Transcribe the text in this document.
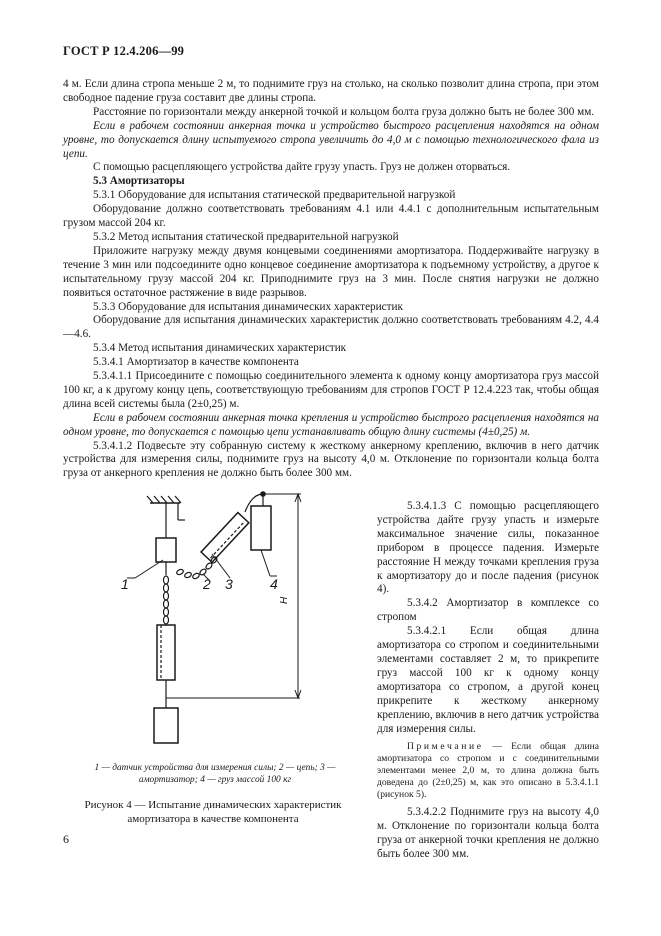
ГОСТ Р 12.4.206—99

4 м. Если длина стропа меньше 2 м, то поднимите груз на столько, на сколько позволит длина стропа, при этом свободное падение груза составит две длины стропа.

Расстояние по горизонтали между анкерной точкой и кольцом болта груза должно быть не более 300 мм.

Если в рабочем состоянии анкерная точка и устройство быстрого расцепления находятся на одном уровне, то допускается длину испытуемого стропа увеличить до 4,0 м с помощью технологического фала из цепи.

С помощью расцепляющего устройства дайте грузу упасть. Груз не должен оторваться.

5.3 Амортизаторы

5.3.1 Оборудование для испытания статической предварительной нагрузкой

Оборудование должно соответствовать требованиям 4.1 или 4.4.1 с дополнительным испытательным грузом массой 204 кг.

5.3.2 Метод испытания статической предварительной нагрузкой

Приложите нагрузку между двумя концевыми соединениями амортизатора. Поддерживайте нагрузку в течение 3 мин или подсоедините одно концевое соединение амортизатора к подъемному устройству, а другое к испытательному грузу массой 204 кг. Приподнимите груз на 3 мин. После снятия нагрузки не должно появиться остаточное растяжение в виде разрывов.

5.3.3 Оборудование для испытания динамических характеристик

Оборудование для испытания динамических характеристик должно соответствовать требованиям 4.2, 4.4—4.6.

5.3.4 Метод испытания динамических характеристик

5.3.4.1 Амортизатор в качестве компонента

5.3.4.1.1 Присоедините с помощью соединительного элемента к одному концу амортизатора груз массой 100 кг, а к другому концу цепь, соответствующую требованиям для стропов ГОСТ Р 12.4.223 так, чтобы общая длина всей системы была (2±0,25) м.

Если в рабочем состоянии анкерная точка крепления и устройство быстрого расцепления находятся на одном уровне, то допускается с помощью цепи устанавливать общую длину системы (4±0,25) м.

5.3.4.1.2 Подвесьте эту собранную систему к жесткому анкерному креплению, включив в него датчик устройства для измерения силы, поднимите груз на высоту 4,0 м. Отклонение по горизонтали кольца болта груза от анкерного крепления не должно быть более 300 мм.

1	2 3	4
H
1 — датчик устройства для измерения силы; 2 — цепь; 3 — амортизатор; 4 — груз массой 100 кг
Рисунок 4 — Испытание динамических характеристик амортизатора в качестве компонента

5.3.4.1.3 С помощью расцепляющего устройства дайте грузу упасть и измерьте максимальное значение силы, показанное прибором в процессе падения. Измерьте расстояние H между точками крепления груза к амортизатору до и после падения (рисунок 4).

5.3.4.2 Амортизатор в комплексе со стропом

5.3.4.2.1 Если общая длина амортизатора со стропом и соединительными элементами составляет 2 м, то прикрепите груз массой 100 кг к одному концу амортизатора со стропом, а другой конец прикрепите к жесткому анкерному креплению, включив в него датчик устройства для измерения силы.

Примечание — Если общая длина амортизатора со стропом и с соединительными элементами менее 2,0 м, то длина должна быть доведена до (2±0,25) м, как это описано в 5.3.4.1.1 (рисунок 5).

5.3.4.2.2 Поднимите груз на высоту 4,0 м. Отклонение по горизонтали кольца болта груза от анкерной точки крепления не должно быть более 300 мм.

6
